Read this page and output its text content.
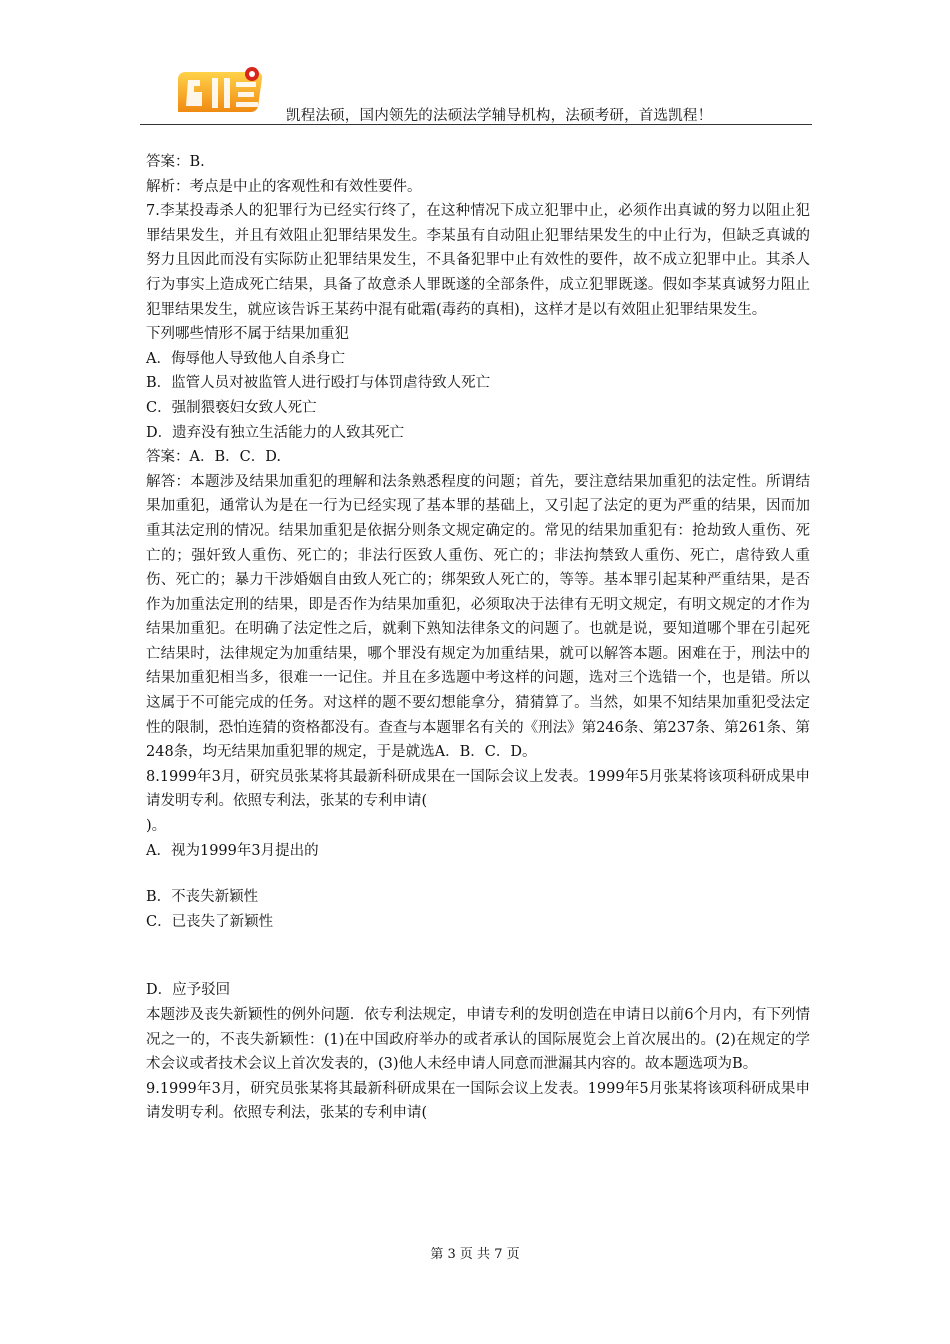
凯程法硕，国内领先的法硕法学辅导机构，法硕考研，首选凯程！

答案：B.

解析：考点是中止的客观性和有效性要件。

7.李某投毒杀人的犯罪行为已经实行终了，在这种情况下成立犯罪中止，必须作出真诚的努力以阻止犯罪结果发生，并且有效阻止犯罪结果发生。李某虽有自动阻止犯罪结果发生的中止行为，但缺乏真诚的努力且因此而没有实际防止犯罪结果发生，不具备犯罪中止有效性的要件，故不成立犯罪中止。其杀人行为事实上造成死亡结果，具备了故意杀人罪既遂的全部条件，成立犯罪既遂。假如李某真诚努力阻止犯罪结果发生，就应该告诉王某药中混有砒霜(毒药的真相)，这样才是以有效阻止犯罪结果发生。

下列哪些情形不属于结果加重犯

A．侮辱他人导致他人自杀身亡

B．监管人员对被监管人进行殴打与体罚虐待致人死亡

C．强制猥亵妇女致人死亡

D．遗弃没有独立生活能力的人致其死亡

答案：A．B．C．D.

解答：本题涉及结果加重犯的理解和法条熟悉程度的问题；首先，要注意结果加重犯的法定性。所谓结果加重犯，通常认为是在一行为已经实现了基本罪的基础上，又引起了法定的更为严重的结果，因而加重其法定刑的情况。结果加重犯是依据分则条文规定确定的。常见的结果加重犯有：抢劫致人重伤、死亡的；强奸致人重伤、死亡的；非法行医致人重伤、死亡的；非法拘禁致人重伤、死亡，虐待致人重伤、死亡的；暴力干涉婚姻自由致人死亡的；绑架致人死亡的，等等。基本罪引起某种严重结果，是否作为加重法定刑的结果，即是否作为结果加重犯，必须取决于法律有无明文规定，有明文规定的才作为结果加重犯。在明确了法定性之后，就剩下熟知法律条文的问题了。也就是说，要知道哪个罪在引起死亡结果时，法律规定为加重结果，哪个罪没有规定为加重结果，就可以解答本题。困难在于，刑法中的结果加重犯相当多，很难一一记住。并且在多选题中考这样的问题，选对三个选错一个，也是错。所以这属于不可能完成的任务。对这样的题不要幻想能拿分，猜猜算了。当然，如果不知结果加重犯受法定性的限制，恐怕连猜的资格都没有。查查与本题罪名有关的《刑法》第246条、第237条、第261条、第248条，均无结果加重犯罪的规定，于是就选A．B．C．D。

8.1999年3月，研究员张某将其最新科研成果在一国际会议上发表。1999年5月张某将该项科研成果申请发明专利。依照专利法，张某的专利申请(

)。

A．视为1999年3月提出的

B．不丧失新颖性

C．已丧失了新颖性

D．应予驳回

本题涉及丧失新颖性的例外问题．依专利法规定，申请专利的发明创造在申请日以前6个月内，有下列情况之一的，不丧失新颖性：(1)在中国政府举办的或者承认的国际展览会上首次展出的。(2)在规定的学术会议或者技术会议上首次发表的，(3)他人未经申请人同意而泄漏其内容的。故本题选项为B。

9.1999年3月，研究员张某将其最新科研成果在一国际会议上发表。1999年5月张某将该项科研成果申请发明专利。依照专利法，张某的专利申请(

第 3 页 共 7 页
